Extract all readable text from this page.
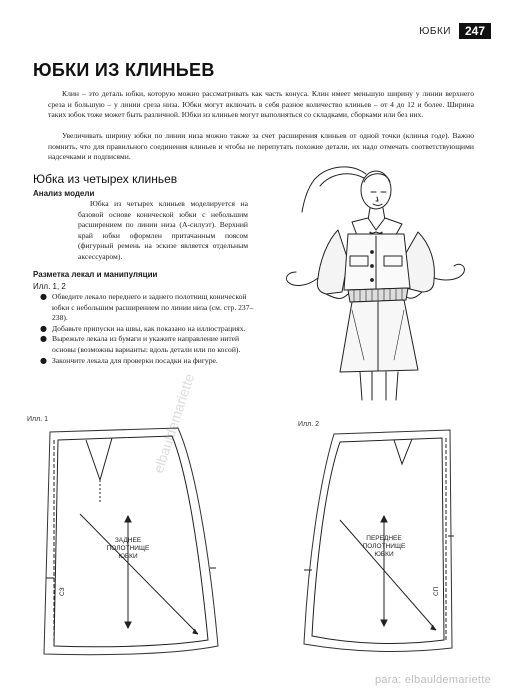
ЮБКИ	247
ЮБКИ ИЗ КЛИНЬЕВ

Клин – это деталь юбки, которую можно рассматривать как часть конуса. Клин имеет меньшую ширину у линии верхнего среза и большую – у линии среза низа. Юбки могут включать в себя разное количество клиньев – от 4 до 12 и более. Ширина таких юбок тоже может быть различной. Юбки из клиньев могут выполняться со складками, сборками или без них.

Увеличивать ширину юбки по линии низа можно также за счет расширения клиньев от одной точки (клинья годе). Важно помнить, что для правильного соединения клиньев и чтобы не перепутать похожие детали, их надо отмечать соответствующими надсечками и подписями.

Юбка из четырех клиньев
Анализ модели

Юбка из четырех клиньев моделируется на базовой основе конической юбки с небольшим расширением по линии низа (А-силуэт). Верхний край юбки оформлен притачанным поясом (фигурный ремень на эскизе является отдельным аксессуаром).

Разметка лекал и манипуляции
Илл. 1, 2
● Обведите лекало переднего и заднего полотнищ конической юбки с небольшим расширением по линии низа (см. стр. 237–238).
● Добавьте припуски на швы, как показано на иллюстрациях.
● Вырежьте лекала из бумаги и укажите направление нитей основы (возможны варианты: вдоль детали или по косой).
● Закончите лекала для проверки посадки на фигуре.
elbauldemariette
Илл. 1
Илл. 2
ЗАДНЕЕ
ПОЛОТНИЩЕ
ЮБКИ
СЗ
ПЕРЕДНЕЕ
ПОЛОТНИЩЕ
ЮБКИ
СП
para: elbauldemariette
